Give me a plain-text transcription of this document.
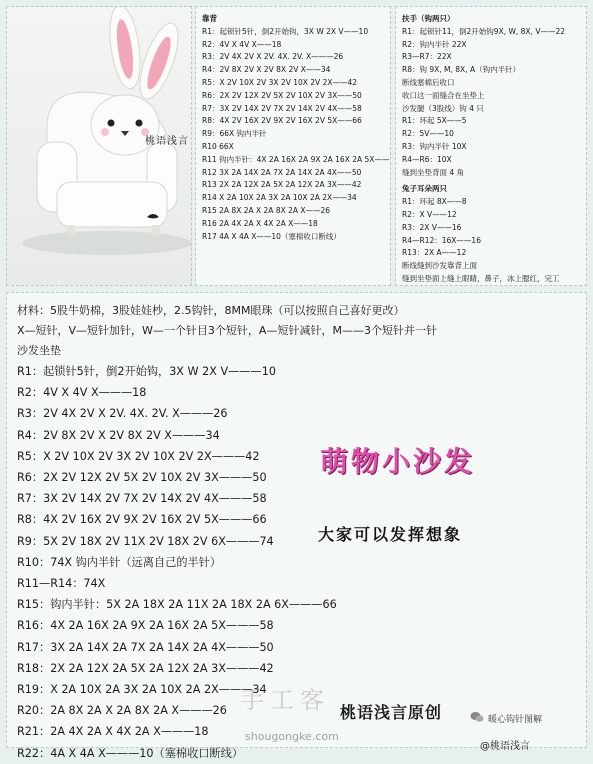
桃语浅言
靠背
R1：起锁针5针，倒2开始钩，3X W 2X V——10
R2：4V X 4V X——18
R3：2V 4X 2V X 2V. 4X. 2V. X———26
R4：2V 8X 2V X 2V 8X 2V X——34
R5：X 2V 10X 2V 3X 2V 10X 2V 2X——42
R6：2X 2V 12X 2V 5X 2V 10X 2V 3X——50
R7：3X 2V 14X 2V 7X 2V 14X 2V 4X——58
R8：4X 2V 16X 2V 9X 2V 16X 2V 5X——66
R9：66X 钩内半针
R10 66X
R11 钩内半针：4X 2A 16X 2A 9X 2A 16X 2A 5X——
R12 3X 2A 14X 2A 7X 2A 14X 2A 4X——50
R13 2X 2A 12X 2A 5X 2A 12X 2A 3X——42
R14 X 2A 10X 2A 3X 2A 10X 2A 2X——34
R15 2A 8X 2A X 2A 8X 2A X——26
R16 2A 4X 2A X 4X 2A X——18
R17 4A X 4A X——10（塞棉收口断线）
扶手（钩两只）
R1：起锁针11，倒2开始钩9X, W, 8X, V——22
R2：钩内半针 22X
R3—R7：22X
R8：钩 9X, M, 8X, A（钩内半针）
断线塞棉后收口
收口这一面缝合在坐垫上
沙发腿（3股线）钩 4 只
R1：环起 5X——5
R2：5V——10
R3：钩内半针 10X
R4—R6：10X
缝到坐垫背面 4 角
兔子耳朵两只
R1：环起 8X——8
R2：X V——12
R3：2X V——16
R4—R12：16X——16
R13：2X A——12
断线缝到沙发靠背上面
缝到坐垫面上缝上眼睛，鼻子，冰上腮红，完工
材料：5股牛奶棉，3股娃娃杪，2.5钩针，8MM眼珠（可以按照自己喜好更改）
X—短针，V—短针加针，W—一个针目3个短针，A—短针减针，M——3个短针并一针
沙发坐垫
R1：起锁针5针，倒2开始钩，3X W 2X V———10
R2：4V X 4V X———18
R3：2V 4X 2V X 2V. 4X. 2V. X———26
R4：2V 8X 2V X 2V 8X 2V X———34
R5：X 2V 10X 2V 3X 2V 10X 2V 2X———42
R6：2X 2V 12X 2V 5X 2V 10X 2V 3X———50
R7：3X 2V 14X 2V 7X 2V 14X 2V 4X———58
R8：4X 2V 16X 2V 9X 2V 16X 2V 5X———66
R9：5X 2V 18X 2V 11X 2V 18X 2V 6X———74
R10：74X 钩内半针（远离自己的半针）
R11—R14：74X
R15：钩内半针：5X 2A 18X 2A 11X 2A 18X 2A 6X———66
R16：4X 2A 16X 2A 9X 2A 16X 2A 5X———58
R17：3X 2A 14X 2A 7X 2A 14X 2A 4X———50
R18：2X 2A 12X 2A 5X 2A 12X 2A 3X———42
R19：X 2A 10X 2A 3X 2A 10X 2A 2X———34
R20：2A 8X 2A X 2A 8X 2A X———26
R21：2A 4X 2A X 4X 2A X———18
R22：4A X 4A X———10（塞棉收口断线）
萌物小沙发
大家可以发挥想象
手工客
shougongke.com
桃语浅言原创	暖心钩针图解
@桃语浅言
